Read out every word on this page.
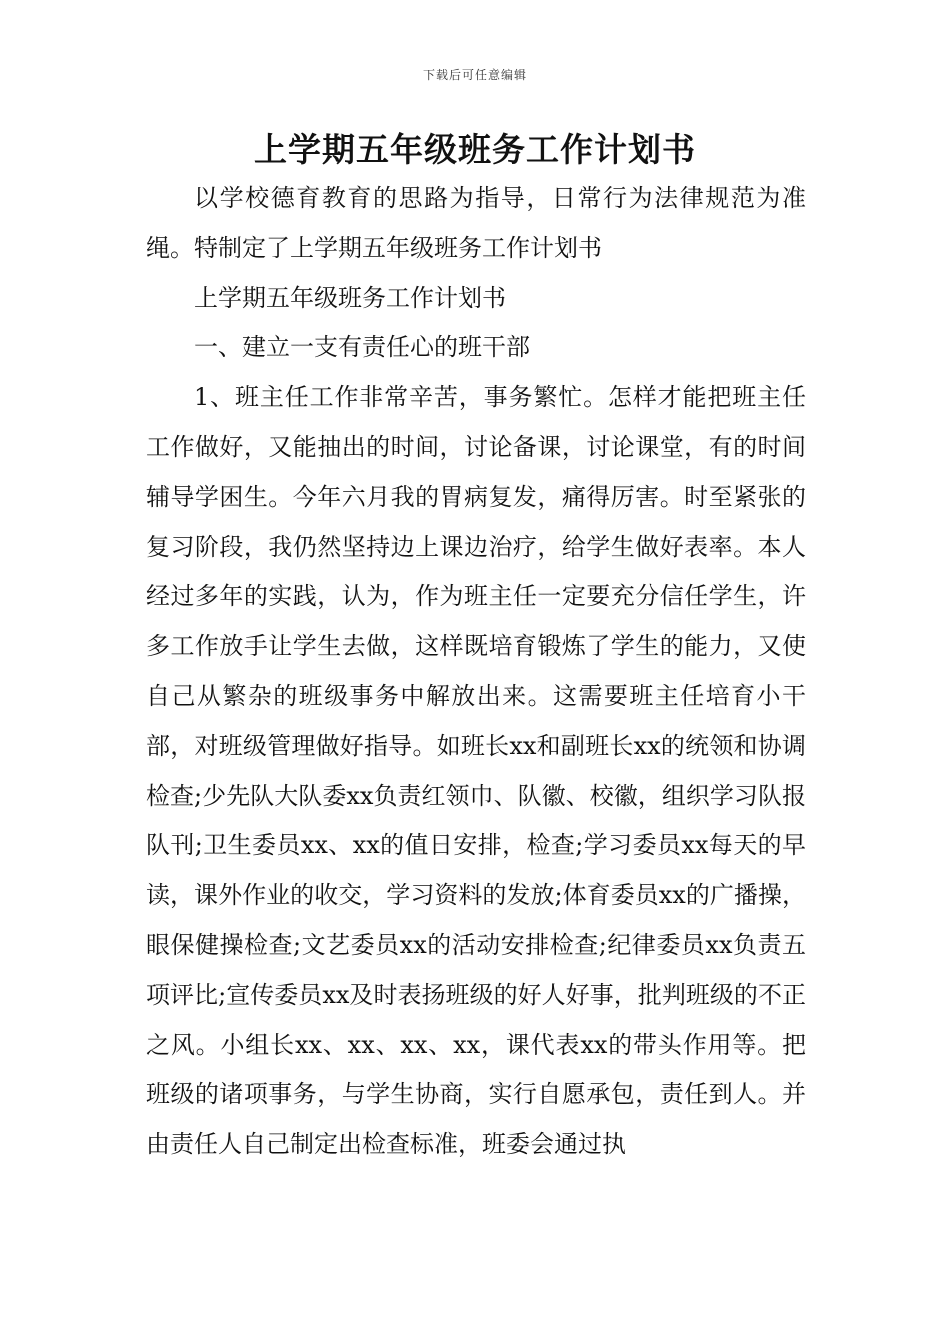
下载后可任意编辑
上学期五年级班务工作计划书

以学校德育教育的思路为指导，日常行为法律规范为准绳。特制定了上学期五年级班务工作计划书

上学期五年级班务工作计划书

一、建立一支有责任心的班干部

1、班主任工作非常辛苦，事务繁忙。怎样才能把班主任工作做好，又能抽出的时间，讨论备课，讨论课堂，有的时间辅导学困生。今年六月我的胃病复发，痛得厉害。时至紧张的复习阶段，我仍然坚持边上课边治疗，给学生做好表率。本人经过多年的实践，认为，作为班主任一定要充分信任学生，许多工作放手让学生去做，这样既培育锻炼了学生的能力，又使自己从繁杂的班级事务中解放出来。这需要班主任培育小干部，对班级管理做好指导。如班长xx和副班长xx的统领和协调检查;少先队大队委xx负责红领巾、队徽、校徽，组织学习队报队刊;卫生委员xx、xx的值日安排，检查;学习委员xx每天的早读，课外作业的收交，学习资料的发放;体育委员xx的广播操，眼保健操检查;文艺委员xx的活动安排检查;纪律委员xx负责五项评比;宣传委员xx及时表扬班级的好人好事，批判班级的不正之风。小组长xx、xx、xx、xx，课代表xx的带头作用等。把班级的诸项事务，与学生协商，实行自愿承包，责任到人。并由责任人自己制定出检查标准，班委会通过执
